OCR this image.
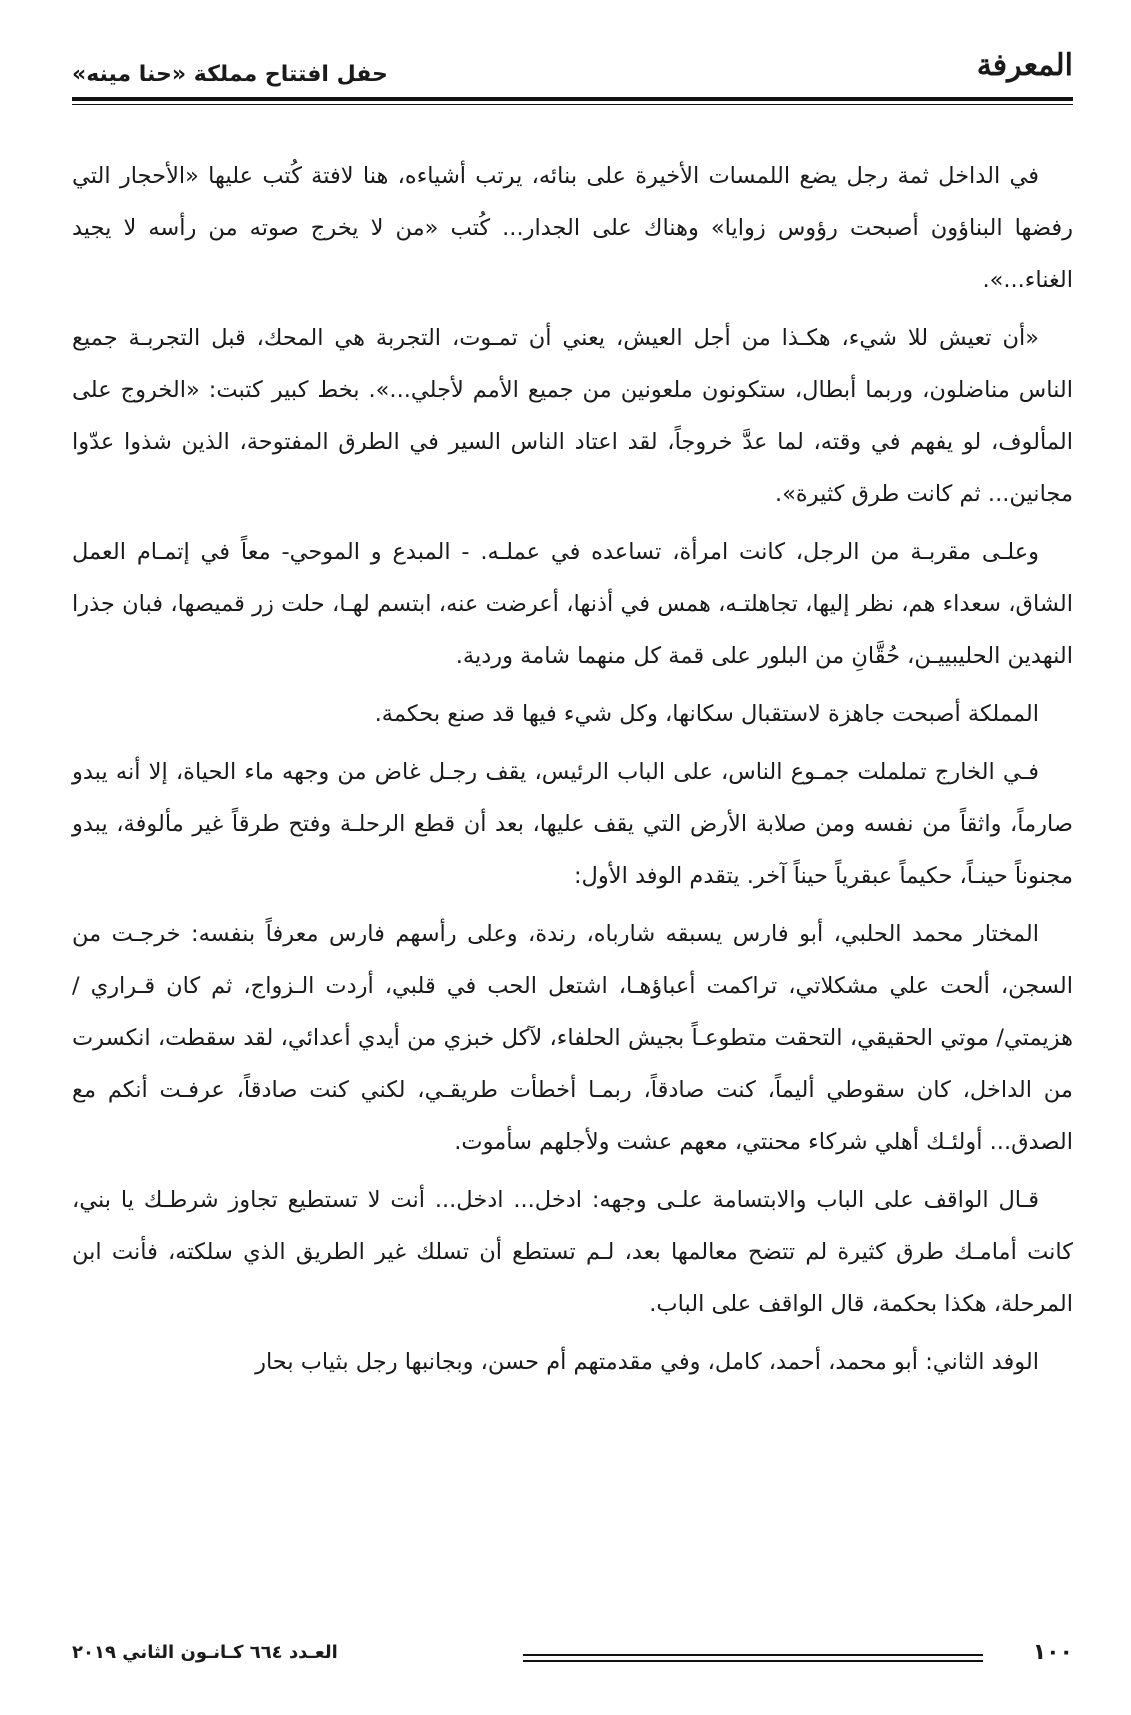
المعرفة
حفل افتتاح مملكة «حنا مينه»

في الداخل ثمة رجل يضع اللمسات الأخيرة على بنائه، يرتب أشياءه، هنا لافتة كُتب عليها «الأحجار التي رفضها البناؤون أصبحت رؤوس زوايا» وهناك على الجدار... كُتب «من لا يخرج صوته من رأسه لا يجيد الغناء...».

«أن تعيش للا شيء، هكـذا من أجل العيش، يعني أن تمـوت، التجربة هي المحك، قبل التجربـة جميع الناس مناضلون، وربما أبطال، ستكونون ملعونين من جميع الأمم لأجلي...». بخط كبير كتبت: «الخروج على المألوف، لو يفهم في وقته، لما عدَّ خروجاً، لقد اعتاد الناس السير في الطرق المفتوحة، الذين شذوا عدّوا مجانين... ثم كانت طرق كثيرة».

وعلـى مقربـة من الرجل، كانت امرأة، تساعده في عملـه. - المبدع و الموحي- معاً في إتمـام العمل الشاق، سعداء هم، نظر إليها، تجاهلتـه، همس في أذنها، أعرضت عنه، ابتسم لهـا، حلت زر قميصها، فبان جذرا النهدين الحليبييـن، حُقَّانِ من البلور على قمة كل منهما شامة وردية.

المملكة أصبحت جاهزة لاستقبال سكانها، وكل شيء فيها قد صنع بحكمة.

فـي الخارج تململت جمـوع الناس، على الباب الرئيس، يقف رجـل غاض من وجهه ماء الحياة، إلا أنه يبدو صارماً، واثقاً من نفسه ومن صلابة الأرض التي يقف عليها، بعد أن قطع الرحلـة وفتح طرقاً غير مألوفة، يبدو مجنوناً حينـاً، حكيماً عبقرياً حيناً آخر. يتقدم الوفد الأول:

المختار محمد الحلبي، أبو فارس يسبقه شارباه، رندة، وعلى رأسهم فارس معرفاً بنفسه: خرجـت من السجن، ألحت علي مشكلاتي، تراكمت أعباؤهـا، اشتعل الحب في قلبي، أردت الـزواج، ثم كان قـراري /هزيمتي/ موتي الحقيقي، التحقت متطوعـاً بجيش الحلفاء، لآكل خبزي من أيدي أعدائي، لقد سقطت، انكسرت من الداخل، كان سقوطي أليماً، كنت صادقاً، ربمـا أخطأت طريقـي، لكني كنت صادقاً، عرفـت أنكم مع الصدق... أولئـك أهلي شركاء محنتي، معهم عشت ولأجلهم سأموت.

قـال الواقف على الباب والابتسامة علـى وجهه: ادخل... ادخل... أنت لا تستطيع تجاوز شرطـك يا بني، كانت أمامـك طرق كثيرة لم تتضح معالمها بعد، لـم تستطع أن تسلك غير الطريق الذي سلكته، فأنت ابن المرحلة، هكذا بحكمة، قال الواقف على الباب.

الوفد الثاني: أبو محمد، أحمد، كامل، وفي مقدمتهم أم حسن، وبجانبها رجل بثياب بحار

١٠٠
العـدد ٦٦٤ كـانـون الثاني ٢٠١٩
